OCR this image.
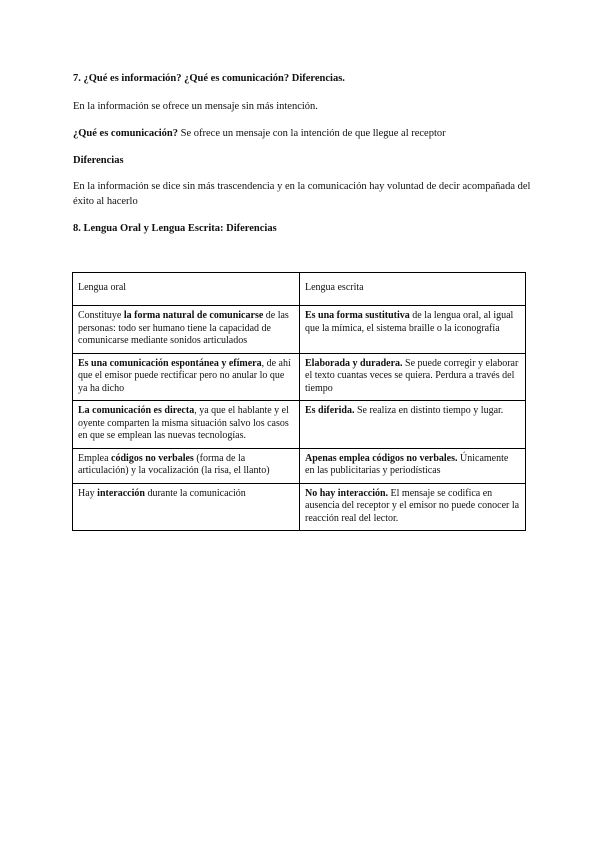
7. ¿Qué es información? ¿Qué es comunicación? Diferencias.

En la información se ofrece un mensaje sin más intención.

¿Qué es comunicación? Se ofrece un mensaje con la intención de que llegue al receptor

Diferencias

En la información se dice sin más trascendencia y en la comunicación hay voluntad de decir acompañada del éxito al hacerlo

8. Lengua Oral y Lengua Escrita: Diferencias

Lengua oral	Lengua escrita
Constituye la forma natural de comunicarse de las personas: todo ser humano tiene la capacidad de comunicarse mediante sonidos articulados	Es una forma sustitutiva de la lengua oral, al igual que la mímica, el sistema braille o la iconografía
Es una comunicación espontánea y efímera, de ahí que el emisor puede rectificar pero no anular lo que ya ha dicho	Elaborada y duradera. Se puede corregir y elaborar el texto cuantas veces se quiera. Perdura a través del tiempo
La comunicación es directa, ya que el hablante y el oyente comparten la misma situación salvo los casos en que se emplean las nuevas tecnologías.	Es diferida. Se realiza en distinto tiempo y lugar.
Emplea códigos no verbales (forma de la articulación) y la vocalización (la risa, el llanto)	Apenas emplea códigos no verbales. Únicamente en las publicitarias y periodísticas
Hay interacción durante la comunicación	No hay interacción. El mensaje se codifica en ausencia del receptor y el emisor no puede conocer la reacción real del lector.
